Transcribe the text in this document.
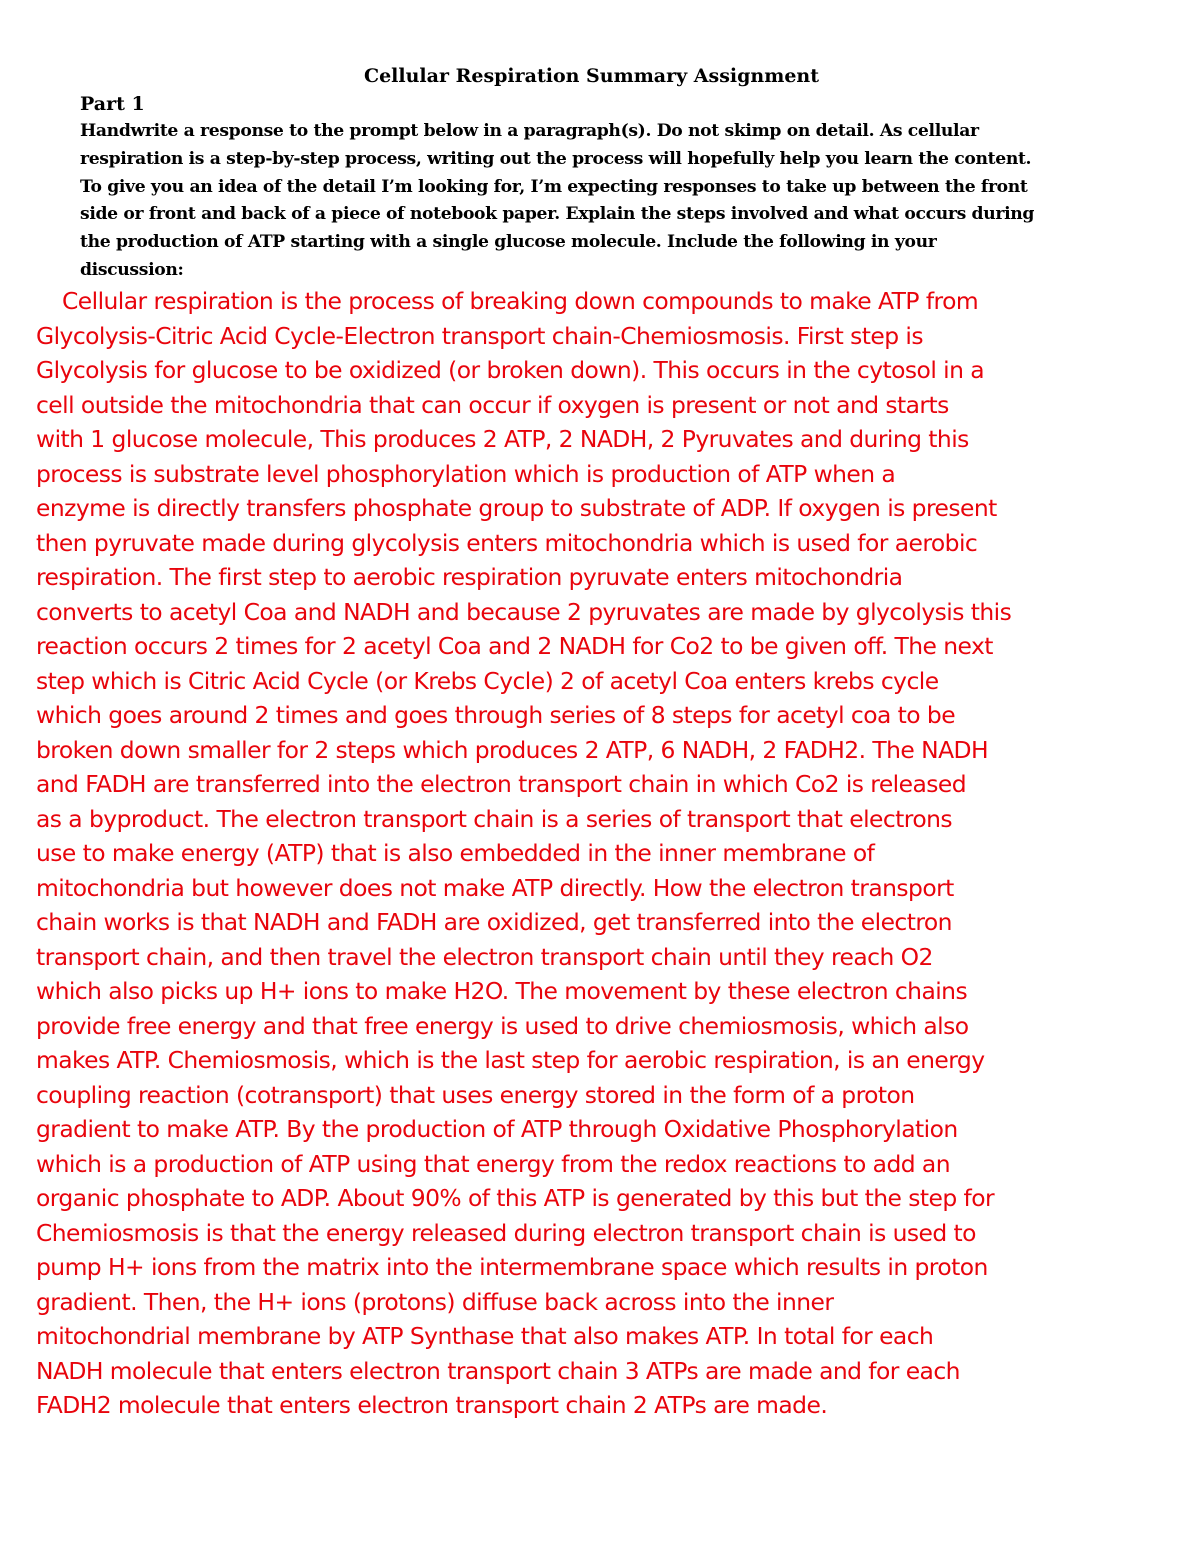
Cellular Respiration Summary Assignment
Part 1

Handwrite a response to the prompt below in a paragraph(s). Do not skimp on detail. As cellular
respiration is a step-by-step process, writing out the process will hopefully help you learn the content.
To give you an idea of the detail I’m looking for, I’m expecting responses to take up between the front
side or front and back of a piece of notebook paper. Explain the steps involved and what occurs during
the production of ATP starting with a single glucose molecule. Include the following in your
discussion:

Cellular respiration is the process of breaking down compounds to make ATP from
Glycolysis-Citric Acid Cycle-Electron transport chain-Chemiosmosis. First step is
Glycolysis for glucose to be oxidized (or broken down). This occurs in the cytosol in a
cell outside the mitochondria that can occur if oxygen is present or not and starts
with 1 glucose molecule, This produces 2 ATP, 2 NADH, 2 Pyruvates and during this
process is substrate level phosphorylation which is production of ATP when a
enzyme is directly transfers phosphate group to substrate of ADP. If oxygen is present
then pyruvate made during glycolysis enters mitochondria which is used for aerobic
respiration. The first step to aerobic respiration pyruvate enters mitochondria
converts to acetyl Coa and NADH and because 2 pyruvates are made by glycolysis this
reaction occurs 2 times for 2 acetyl Coa and 2 NADH for Co2 to be given off. The next
step which is Citric Acid Cycle (or Krebs Cycle) 2 of acetyl Coa enters krebs cycle
which goes around 2 times and goes through series of 8 steps for acetyl coa to be
broken down smaller for 2 steps which produces 2 ATP, 6 NADH, 2 FADH2. The NADH
and FADH are transferred into the electron transport chain in which Co2 is released
as a byproduct. The electron transport chain is a series of transport that electrons
use to make energy (ATP) that is also embedded in the inner membrane of
mitochondria but however does not make ATP directly. How the electron transport
chain works is that NADH and FADH are oxidized, get transferred into the electron
transport chain, and then travel the electron transport chain until they reach O2
which also picks up H+ ions to make H2O. The movement by these electron chains
provide free energy and that free energy is used to drive chemiosmosis, which also
makes ATP. Chemiosmosis, which is the last step for aerobic respiration, is an energy
coupling reaction (cotransport) that uses energy stored in the form of a proton
gradient to make ATP. By the production of ATP through Oxidative Phosphorylation
which is a production of ATP using that energy from the redox reactions to add an
organic phosphate to ADP. About 90% of this ATP is generated by this but the step for
Chemiosmosis is that the energy released during electron transport chain is used to
pump H+ ions from the matrix into the intermembrane space which results in proton
gradient. Then, the H+ ions (protons) diffuse back across into the inner
mitochondrial membrane by ATP Synthase that also makes ATP. In total for each
NADH molecule that enters electron transport chain 3 ATPs are made and for each
FADH2 molecule that enters electron transport chain 2 ATPs are made.
